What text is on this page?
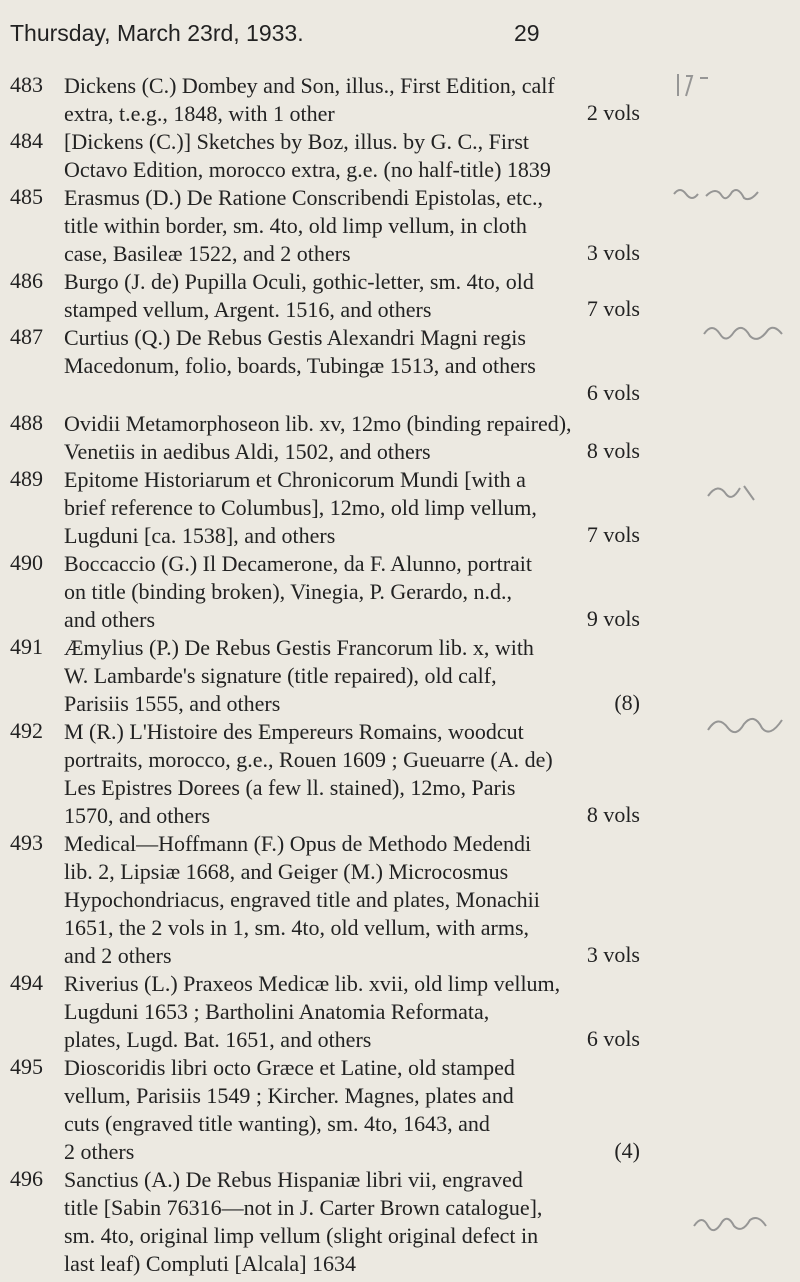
Thursday, March 23rd, 1933.	29
483 Dickens (C.) Dombey and Son, illus., First Edition, calf
extra, t.e.g., 1848, with 1 other	2 vols
484 [Dickens (C.)] Sketches by Boz, illus. by G. C., First
Octavo Edition, morocco extra, g.e. (no half-title) 1839
485 Erasmus (D.) De Ratione Conscribendi Epistolas, etc.,
title within border, sm. 4to, old limp vellum, in cloth
case, Basileæ 1522, and 2 others	3 vols
486 Burgo (J. de) Pupilla Oculi, gothic-letter, sm. 4to, old
stamped vellum, Argent. 1516, and others	7 vols
487 Curtius (Q.) De Rebus Gestis Alexandri Magni regis
Macedonum, folio, boards, Tubingæ 1513, and others
6 vols
488 Ovidii Metamorphoseon lib. xv, 12mo (binding repaired),
Venetiis in aedibus Aldi, 1502, and others	8 vols
489 Epitome Historiarum et Chronicorum Mundi [with a
brief reference to Columbus], 12mo, old limp vellum,
Lugduni [ca. 1538], and others	7 vols
490 Boccaccio (G.) Il Decamerone, da F. Alunno, portrait
on title (binding broken), Vinegia, P. Gerardo, n.d.,
and others	9 vols
491 Æmylius (P.) De Rebus Gestis Francorum lib. x, with
W. Lambarde's signature (title repaired), old calf,
Parisiis 1555, and others	(8)
492 M (R.) L'Histoire des Empereurs Romains, woodcut
portraits, morocco, g.e., Rouen 1609 ; Gueuarre (A. de)
Les Epistres Dorees (a few ll. stained), 12mo, Paris
1570, and others	8 vols
493 Medical—Hoffmann (F.) Opus de Methodo Medendi
lib. 2, Lipsiæ 1668, and Geiger (M.) Microcosmus
Hypochondriacus, engraved title and plates, Monachii
1651, the 2 vols in 1, sm. 4to, old vellum, with arms,
and 2 others	3 vols
494 Riverius (L.) Praxeos Medicæ lib. xvii, old limp vellum,
Lugduni 1653 ; Bartholini Anatomia Reformata,
plates, Lugd. Bat. 1651, and others	6 vols
495 Dioscoridis libri octo Græce et Latine, old stamped
vellum, Parisiis 1549 ; Kircher. Magnes, plates and
cuts (engraved title wanting), sm. 4to, 1643, and
2 others	(4)
496 Sanctius (A.) De Rebus Hispaniæ libri vii, engraved
title [Sabin 76316—not in J. Carter Brown catalogue],
sm. 4to, original limp vellum (slight original defect in
last leaf) Compluti [Alcala] 1634
